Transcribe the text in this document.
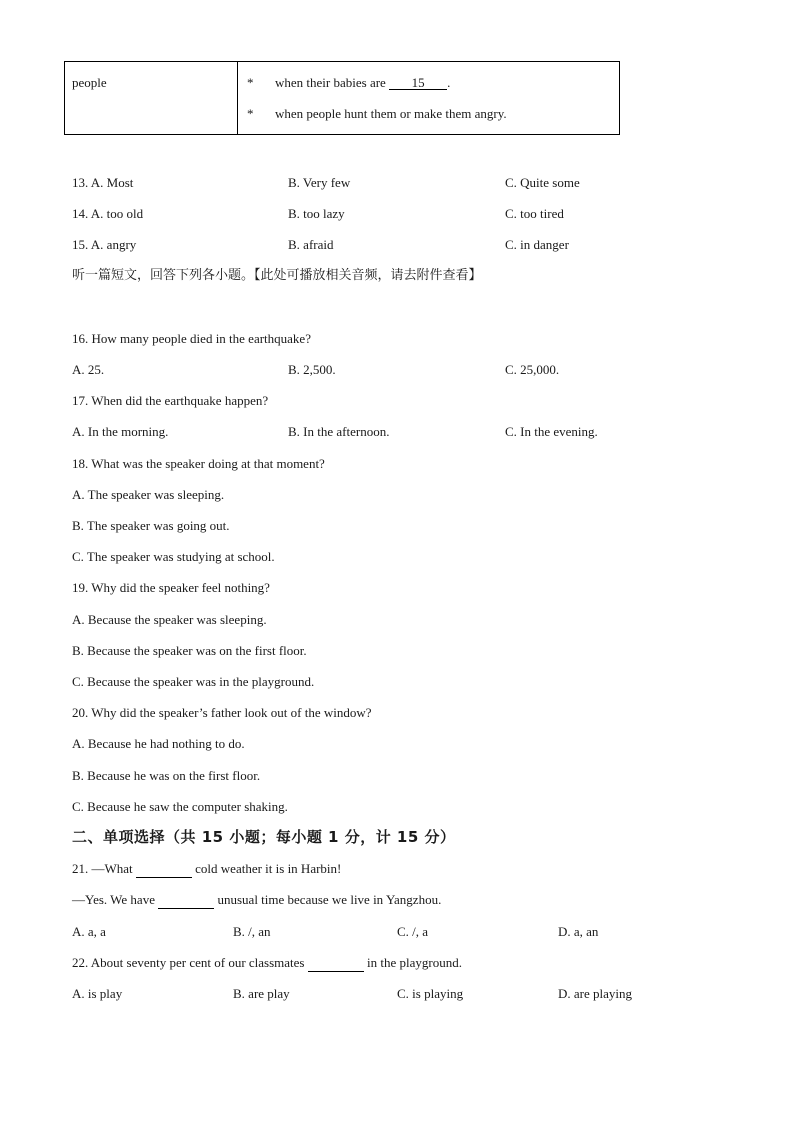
people	* when their babies are 15 .
* when people hunt them or make them angry.
13. A. Most	B. Very few	C. Quite some
14. A. too old	B. too lazy	C. too tired
15. A. angry	B. afraid	C. in danger
听一篇短文，回答下列各小题。【此处可播放相关音频，请去附件查看】
16. How many people died in the earthquake?
A. 25.	B. 2,500.	C. 25,000.
17. When did the earthquake happen?
A. In the morning.	B. In the afternoon.	C. In the evening.
18. What was the speaker doing at that moment?
A. The speaker was sleeping.
B. The speaker was going out.
C. The speaker was studying at school.
19. Why did the speaker feel nothing?
A. Because the speaker was sleeping.
B. Because the speaker was on the first floor.
C. Because the speaker was in the playground.
20. Why did the speaker’s father look out of the window?
A. Because he had nothing to do.
B. Because he was on the first floor.
C. Because he saw the computer shaking.
二、单项选择（共 15 小题；每小题 1 分，计 15 分）
21. —What	cold weather it is in Harbin!
—Yes. We have	unusual time because we live in Yangzhou.
A. a, a	B. /, an	C. /, a	D. a, an
22. About seventy per cent of our classmates	in the playground.
A. is play	B. are play	C. is playing	D. are playing
